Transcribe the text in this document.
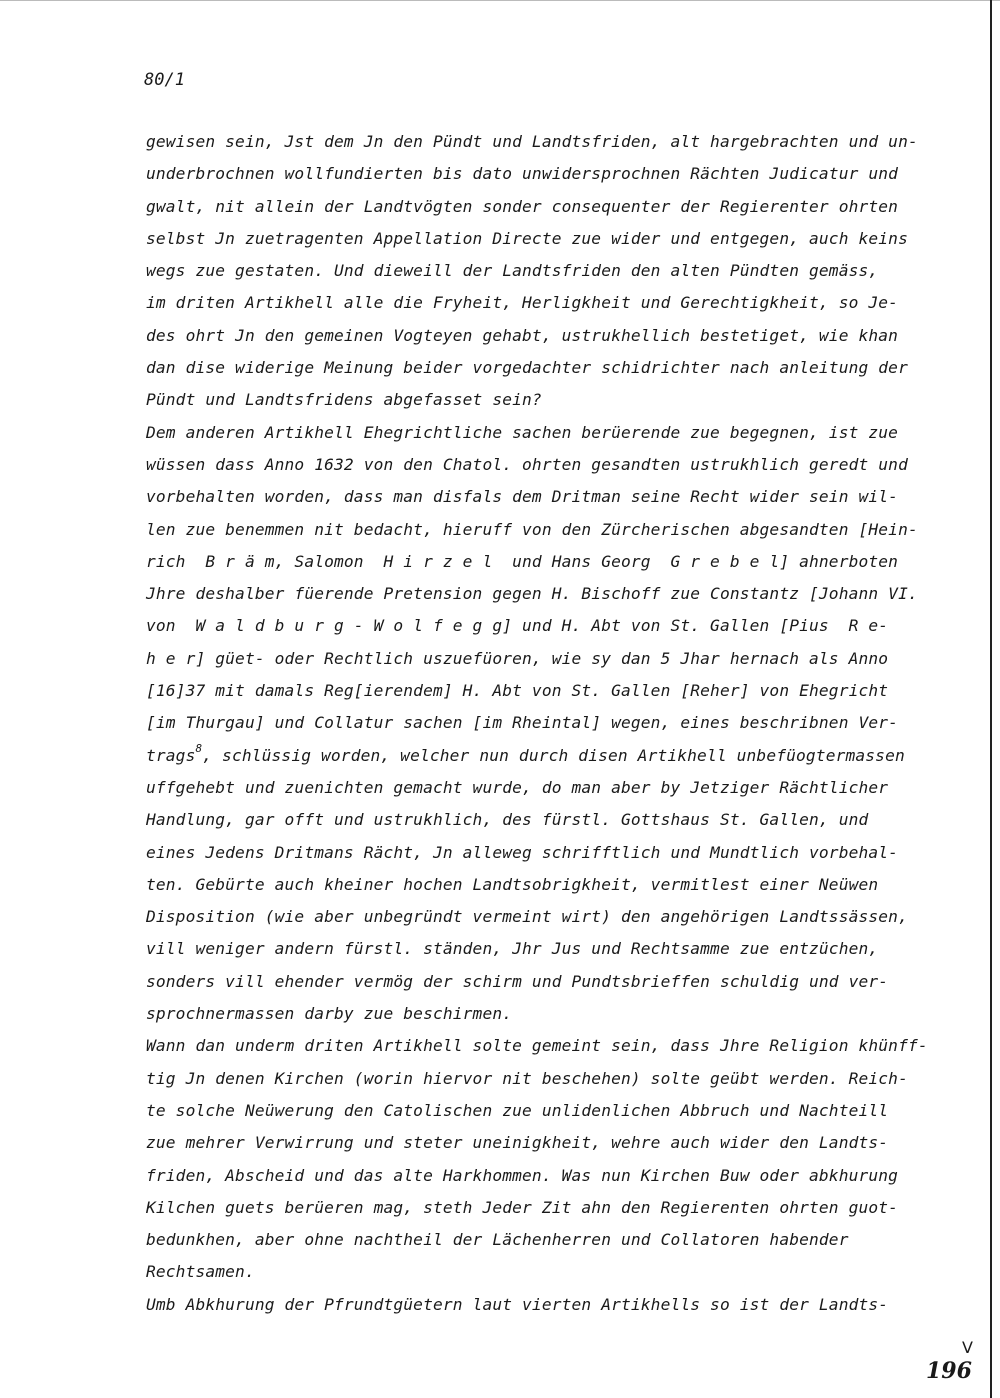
80/1
gewisen sein, Jst dem Jn den Pündt und Landtsfriden, alt hargebrachten und un-
underbrochnen wollfundierten bis dato unwidersprochnen Rächten Judicatur und
gwalt, nit allein der Landtvögten sonder consequenter der Regierenter ohrten
selbst Jn zuetragenten Appellation Directe zue wider und entgegen, auch keins
wegs zue gestaten. Und dieweill der Landtsfriden den alten Pündten gemäss,
im driten Artikhell alle die Fryheit, Herligkheit und Gerechtigkheit, so Je-
des ohrt Jn den gemeinen Vogteyen gehabt, ustrukhellich bestetiget, wie khan
dan dise widerige Meinung beider vorgedachter schidrichter nach anleitung der
Pündt und Landtsfridens abgefasset sein?
Dem anderen Artikhell Ehegrichtliche sachen berüerende zue begegnen, ist zue
wüssen dass Anno 1632 von den Chatol. ohrten gesandten ustrukhlich geredt und
vorbehalten worden, dass man disfals dem Dritman seine Recht wider sein wil-
len zue benemmen nit bedacht, hieruff von den Zürcherischen abgesandten [Hein-
rich  B r ä m, Salomon  H i r z e l  und Hans Georg  G r e b e l] ahnerboten
Jhre deshalber füerende Pretension gegen H. Bischoff zue Constantz [Johann VI.
von  W a l d b u r g - W o l f e g g] und H. Abt von St. Gallen [Pius  R e-
h e r] güet- oder Rechtlich uszuefüoren, wie sy dan 5 Jhar hernach als Anno
[16]37 mit damals Reg[ierendem] H. Abt von St. Gallen [Reher] von Ehegricht
[im Thurgau] und Collatur sachen [im Rheintal] wegen, eines beschribnen Ver-
trags$^8$, schlüssig worden, welcher nun durch disen Artikhell unbefüogtermassen
uffgehebt und zuenichten gemacht wurde, do man aber by Jetziger Rächtlicher
Handlung, gar offt und ustrukhlich, des fürstl. Gottshaus St. Gallen, und
eines Jedens Dritmans Rächt, Jn alleweg schrifftlich und Mundtlich vorbehal-
ten. Gebürte auch kheiner hochen Landtsobrigkheit, vermitlest einer Neüwen
Disposition (wie aber unbegründt vermeint wirt) den angehörigen Landtssässen,
vill weniger andern fürstl. ständen, Jhr Jus und Rechtsamme zue entzüchen,
sonders vill ehender vermög der schirm und Pundtsbrieffen schuldig und ver-
sprochnermassen darby zue beschirmen.
Wann dan underm driten Artikhell solte gemeint sein, dass Jhre Religion khünff-
tig Jn denen Kirchen (worin hiervor nit beschehen) solte geübt werden. Reich-
te solche Neüwerung den Catolischen zue unlidenlichen Abbruch und Nachteill
zue mehrer Verwirrung und steter uneinigkheit, wehre auch wider den Landts-
friden, Abscheid und das alte Harkhommen. Was nun Kirchen Buw oder abkhurung
Kilchen guets berüeren mag, steth Jeder Zit ahn den Regierenten ohrten guot-
bedunkhen, aber ohne nachtheil der Lächenherren und Collatoren habender
Rechtsamen.
Umb Abkhurung der Pfrundtgüetern laut vierten Artikhells so ist der Landts-
V
196
